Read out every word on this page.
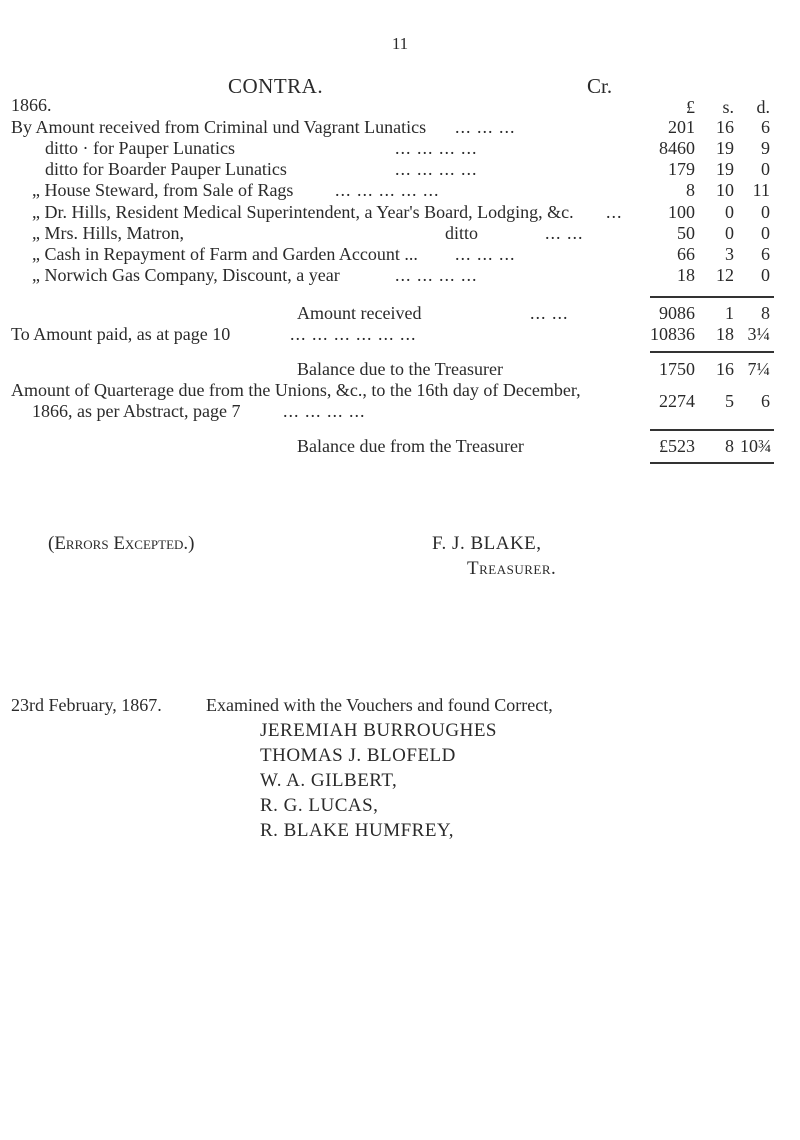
11
CONTRA.	Cr.
1866.	£	s.	d.
By Amount received from Criminal und Vagrant Lunatics ... ... ...	201	16	6
ditto · for Pauper Lunatics	... ... ... ...	8460	19	9
ditto for Boarder Pauper Lunatics	... ... ... ...	179	19	0
„ House Steward, from Sale of Rags ... ... ... ... ...	8	10	11
„ Dr. Hills, Resident Medical Superintendent, a Year's Board, Lodging, &c. ...	100	0	0
„ Mrs. Hills, Matron,	ditto	... ...	50	0	0
„ Cash in Repayment of Farm and Garden Account ... ... ... ...	66	3	6
„ Norwich Gas Company, Discount, a year	... ... ... ...	18	12	0
Amount received	... ...	9086	1	8
To Amount paid, as at page 10	... ... ... ... ... ...	10836	18 3¼
Balance due to the Treasurer	1750	16 7¼
Amount of Quarterage due from the Unions, &c., to the 16th day of December,
1866, as per Abstract, page 7 ... ... ... ...	2274	5	6
Balance due from the Treasurer	£523	8 10¾
(Errors Excepted.)	F. J. BLAKE,
Treasurer.
23rd February, 1867. Examined with the Vouchers and found Correct,
JEREMIAH BURROUGHES
THOMAS J. BLOFELD
W. A. GILBERT,
R. G. LUCAS,
R. BLAKE HUMFREY,
